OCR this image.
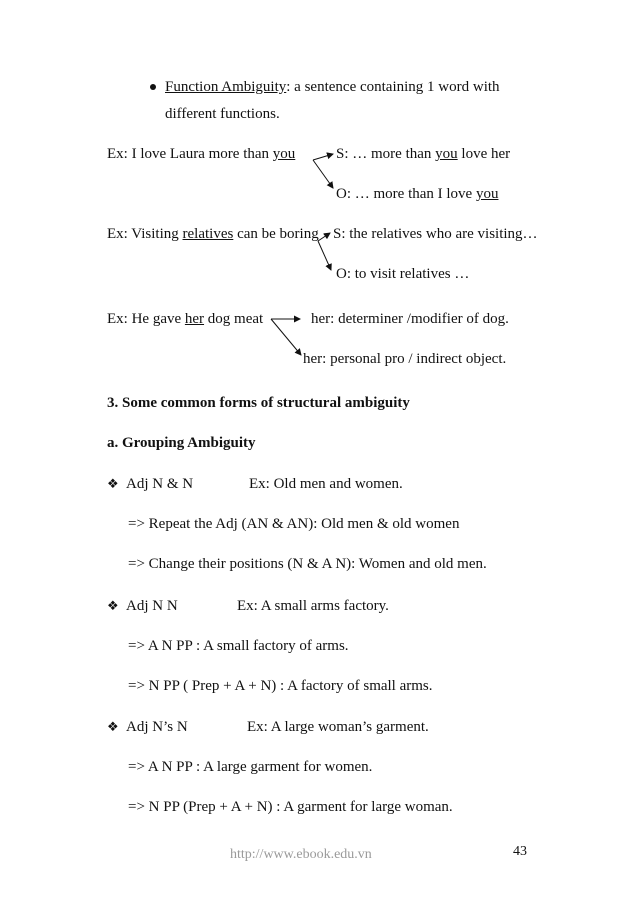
Function Ambiguity: a sentence containing 1 word with
different functions.
Ex: I love Laura more than you	S: … more than you love her
O: … more than I love you
Ex: Visiting relatives can be boring S: the relatives who are visiting…
O: to visit relatives …
Ex: He gave her dog meat	her: determiner /modifier of dog.
her: personal pro / indirect object.
3. Some common forms of structural ambiguity
a. Grouping Ambiguity
❖ Adj N & N	Ex: Old men and women.
=> Repeat the Adj (AN & AN): Old men & old women
=> Change their positions (N & A N): Women and old men.
❖ Adj N N	Ex: A small arms factory.
=> A N PP : A small factory of arms.
=> N PP ( Prep + A + N) : A factory of small arms.
❖ Adj N’s N	Ex: A large woman’s garment.
=> A N PP : A large garment for women.
=> N PP (Prep + A + N) : A garment for large woman.
http://www.ebook.edu.vn	43
